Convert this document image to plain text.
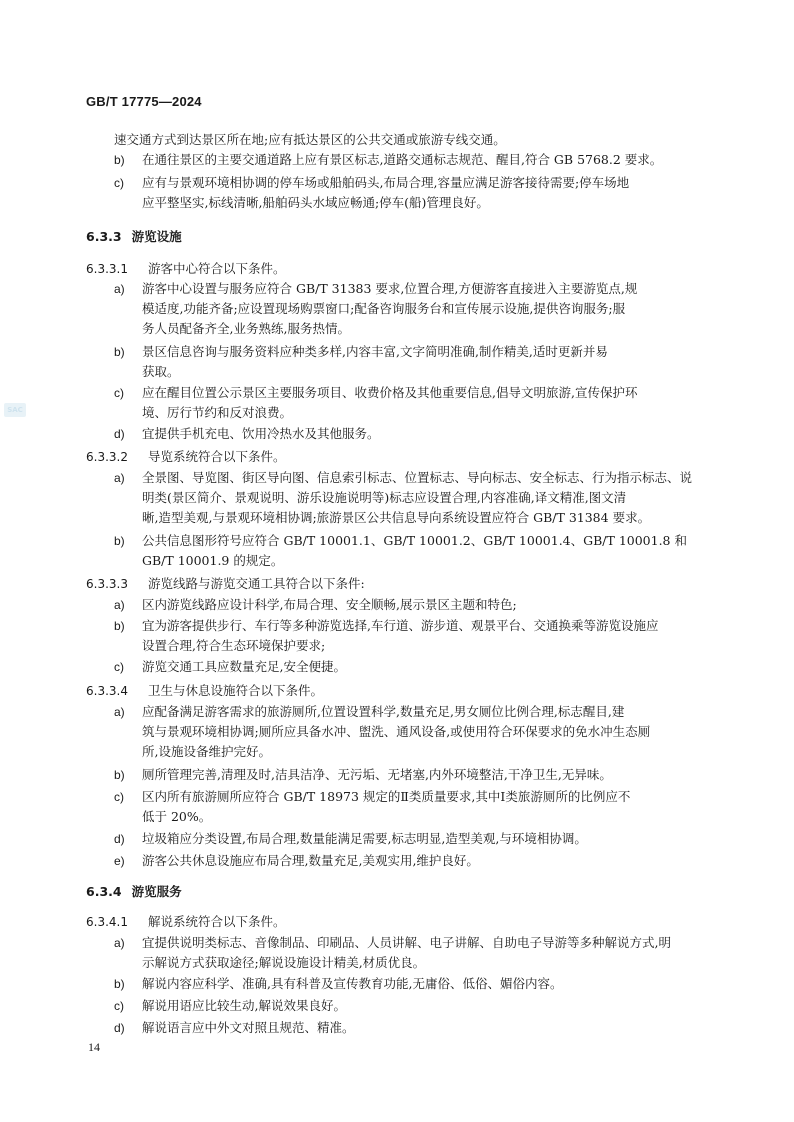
GB/T 17775—2024
SAC
速交通方式到达景区所在地;应有抵达景区的公共交通或旅游专线交通。
b) 在通往景区的主要交通道路上应有景区标志,道路交通标志规范、醒目,符合 GB 5768.2 要求。
c) 应有与景观环境相协调的停车场或船舶码头,布局合理,容量应满足游客接待需要;停车场地
应平整坚实,标线清晰,船舶码头水域应畅通;停车(船)管理良好。
6.3.3 游览设施
6.3.3.1 游客中心符合以下条件。
a) 游客中心设置与服务应符合 GB/T 31383 要求,位置合理,方便游客直接进入主要游览点,规
模适度,功能齐备;应设置现场购票窗口;配备咨询服务台和宣传展示设施,提供咨询服务;服
务人员配备齐全,业务熟练,服务热情。
b) 景区信息咨询与服务资料应种类多样,内容丰富,文字简明准确,制作精美,适时更新并易
获取。
c) 应在醒目位置公示景区主要服务项目、收费价格及其他重要信息,倡导文明旅游,宣传保护环
境、厉行节约和反对浪费。
d) 宜提供手机充电、饮用冷热水及其他服务。
6.3.3.2 导览系统符合以下条件。
a) 全景图、导览图、街区导向图、信息索引标志、位置标志、导向标志、安全标志、行为指示标志、说
明类(景区简介、景观说明、游乐设施说明等)标志应设置合理,内容准确,译文精准,图文清
晰,造型美观,与景观环境相协调;旅游景区公共信息导向系统设置应符合 GB/T 31384 要求。
b) 公共信息图形符号应符合 GB/T 10001.1、GB/T 10001.2、GB/T 10001.4、GB/T 10001.8 和
GB/T 10001.9 的规定。
6.3.3.3 游览线路与游览交通工具符合以下条件:
a) 区内游览线路应设计科学,布局合理、安全顺畅,展示景区主题和特色;
b) 宜为游客提供步行、车行等多种游览选择,车行道、游步道、观景平台、交通换乘等游览设施应
设置合理,符合生态环境保护要求;
c) 游览交通工具应数量充足,安全便捷。
6.3.3.4 卫生与休息设施符合以下条件。
a) 应配备满足游客需求的旅游厕所,位置设置科学,数量充足,男女厕位比例合理,标志醒目,建
筑与景观环境相协调;厕所应具备水冲、盥洗、通风设备,或使用符合环保要求的免水冲生态厕
所,设施设备维护完好。
b) 厕所管理完善,清理及时,洁具洁净、无污垢、无堵塞,内外环境整洁,干净卫生,无异味。
c) 区内所有旅游厕所应符合 GB/T 18973 规定的Ⅱ类质量要求,其中Ⅰ类旅游厕所的比例应不
低于 20%。
d) 垃圾箱应分类设置,布局合理,数量能满足需要,标志明显,造型美观,与环境相协调。
e) 游客公共休息设施应布局合理,数量充足,美观实用,维护良好。
6.3.4 游览服务
6.3.4.1 解说系统符合以下条件。
a) 宜提供说明类标志、音像制品、印刷品、人员讲解、电子讲解、自助电子导游等多种解说方式,明
示解说方式获取途径;解说设施设计精美,材质优良。
b) 解说内容应科学、准确,具有科普及宣传教育功能,无庸俗、低俗、媚俗内容。
c) 解说用语应比较生动,解说效果良好。
d) 解说语言应中外文对照且规范、精准。
14
